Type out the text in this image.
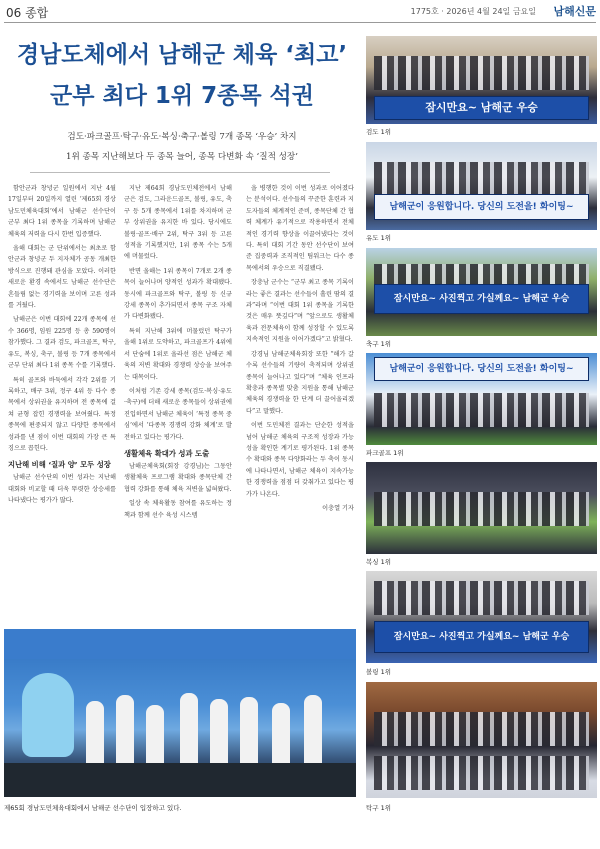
06 종합	1775호 · 2026년 4월 24일 금요일 남해신문
경남도체에서 남해군 체육 ‘최고’
군부 최다 1위 7종목 석권
검도·파크골프·탁구·유도·복싱·축구·볼링 7개 종목 ‘우승’ 차지
1위 종목 지난해보다 두 종목 늘어, 종목 다변화 속 ‘질적 성장’

함안군과 창녕군 일원에서 지난 4월 17일부터 20일까지 열린 ‘제65회 경상남도민체육대회’에서 남해군 선수단이 군부 최다 1위 종목을 기록하며 남해군 체육의 저력을 다시 한번 입증했다.

올해 대회는 군 단위에서는 최초로 함안군과 창녕군 두 지자체가 공동 개최한 방식으로 진행돼 관심을 모았다. 이러한 새로운 환경 속에서도 남해군 선수단은 흔들림 없는 경기력을 보이며 고른 성과를 거뒀다.

남해군은 이번 대회에 22개 종목에 선수 366명, 임원 225명 등 총 590명이 참가했다. 그 결과 검도, 파크골프, 탁구, 유도, 복싱, 축구, 볼링 등 7개 종목에서 군부 단위 최다 1위 종목 수를 기록했다.

특히 골프와 바둑에서 각각 2위를 기록하고, 배구 3위, 정구 4위 등 다수 종목에서 상위권을 유지하며 전 종목에 걸쳐 균형 잡힌 경쟁력을 보여줬다. 특정 종목에 편중되지 않고 다양한 종목에서 성과를 낸 점이 이번 대회의 가장 큰 특징으로 꼽힌다.

지난해 비해 ‘질과 양’ 모두 성장

남해군 선수단의 이번 성과는 지난해 대회와 비교할 때 더욱 뚜렷한 상승세를 나타냈다는 평가가 많다.

지난 제64회 경남도민체전에서 남해군은 검도, 그라운드골프, 볼링, 유도, 축구 등 5개 종목에서 1위를 차지하며 군부 상위권을 유지한 바 있다. 당시에도 볼링·골프·배구 2위, 탁구 3위 등 고른 성적을 기록했지만, 1위 종목 수는 5개에 머물렀다.

반면 올해는 1위 종목이 7개로 2개 종목이 늘어나며 양적인 성과가 확대됐다. 동시에 파크골프와 탁구, 볼링 등 신규 강세 종목이 추가되면서 종목 구조 자체가 다변화됐다.

특히 지난해 3위에 머물렀던 탁구가 올해 1위로 도약하고, 파크골프가 4위에서 단숨에 1위로 올라선 점은 남해군 체육의 저변 확대와 경쟁력 상승을 보여주는 대목이다.

이처럼 기존 강세 종목(검도·복싱·유도·축구)에 더해 새로운 종목들이 상위권에 진입하면서 남해군 체육이 ‘특정 종목 중심’에서 ‘다종목 경쟁력 강화 체계’로 발전하고 있다는 평가다.

생활체육 확대가 성과 도출

남해군체육회(회장 강경님)는 그동안 생활체육 프로그램 확대와 종목단체 간 협력 강화를 통해 체육 저변을 넓혀왔다.

일상 속 체육활동 참여를 유도하는 정책과 함께 선수 육성 시스템

을 병행한 것이 이번 성과로 이어졌다는 분석이다. 선수들의 꾸준한 훈련과 지도자들의 체계적인 준비, 종목단체 간 협력 체계가 유기적으로 작용하면서 전체적인 경기력 향상을 이끌어냈다는 것이다. 특히 대회 기간 동안 선수단이 보여준 집중력과 조직적인 팀워크는 다수 종목에서의 우승으로 직결됐다.

장충남 군수는 “군부 최고 종목 기록이라는 좋은 결과는 선수들이 흘린 땀의 결과”라며 “이번 대회 1위 종목을 기록한 것은 매우 뜻깊다”며 “앞으로도 생활체육과 전문체육이 함께 성장할 수 있도록 지속적인 지원을 이어가겠다”고 밝혔다.

강경님 남해군체육회장 또한 “해가 갈수록 선수들의 기량이 축적되며 상위권 종목이 늘어나고 있다”며 “체육 인프라 확충과 종목별 맞춤 지원을 통해 남해군 체육의 경쟁력을 한 단계 더 끌어올리겠다”고 말했다.

이번 도민체전 결과는 단순한 성적을 넘어 남해군 체육의 구조적 성장과 가능성을 확인한 계기로 평가된다. 1위 종목 수 확대와 종목 다양화라는 두 축이 동시에 나타나면서, 남해군 체육이 지속가능한 경쟁력을 점점 더 갖춰가고 있다는 평가가 나온다.

이충열 기자

제65회 경남도민체육대회에서 남해군 선수단이 입장하고 있다.
잠시만요~ 남해군 우승
검도 1위
남해군이 응원합니다. 당신의 도전을! 화이팅~
유도 1위
잠시만요~ 사진찍고 가실께요~ 남해군 우승
축구 1위
남해군이 응원합니다. 당신의 도전을! 화이팅~
파크골프 1위
복싱 1위
잠시만요~ 사진찍고 가실께요~ 남해군 우승
볼링 1위
탁구 1위
